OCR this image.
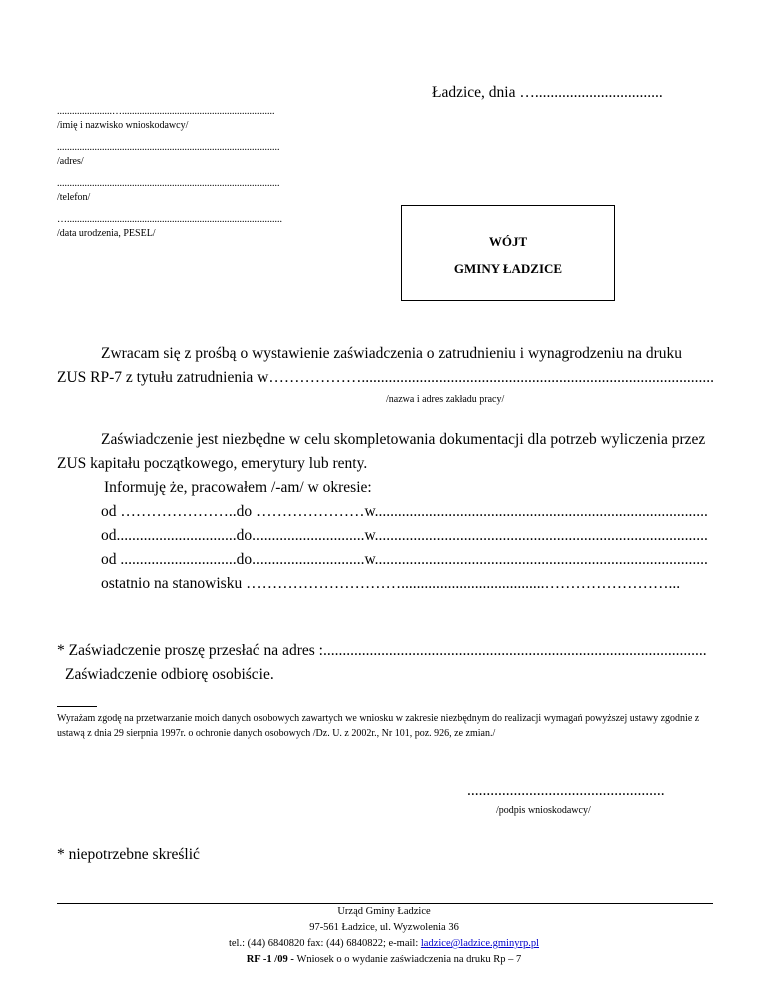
Ładzice, dnia ….................................
......................….............................................................
/imię i nazwisko wnioskodawcy/
.........................................................................................
/adres/
.........................................................................................
/telefon/
…......................................................................................
/data urodzenia, PESEL/
WÓJT
GMINY ŁADZICE
Zwracam się z prośbą o wystawienie zaświadczenia o zatrudnieniu i wynagrodzeniu na druku
ZUS RP-7 z tytułu zatrudnienia w………………...........................................................................................
/nazwa i adres zakładu pracy/
Zaświadczenie jest niezbędne w celu skompletowania dokumentacji dla potrzeb wyliczenia przez
ZUS kapitału początkowego, emerytury lub renty.
Informuję że, pracowałem /-am/ w okresie:
od …………………..do …………………w......................................................................................
od...............................do.............................w......................................................................................
od ..............................do.............................w......................................................................................
ostatnio na stanowisku ………………………….....................................……………………...
* Zaświadczenie proszę przesłać na adres :...................................................................................................
Zaświadczenie odbiorę osobiście.
Wyrażam zgodę na przetwarzanie moich danych osobowych zawartych we wniosku w zakresie niezbędnym do realizacji wymagań powyższej ustawy zgodnie z ustawą z dnia 29 sierpnia 1997r. o ochronie danych osobowych /Dz. U. z 2002r., Nr 101, poz. 926, ze zmian./
...................................................
/podpis wnioskodawcy/
* niepotrzebne skreślić
Urząd Gminy Ładzice
97-561 Ładzice, ul. Wyzwolenia 36
tel.: (44) 6840820 fax: (44) 6840822; e-mail: ladzice@ladzice.gminyrp.pl
RF -1 /09 - Wniosek o o wydanie zaświadczenia na druku Rp – 7
